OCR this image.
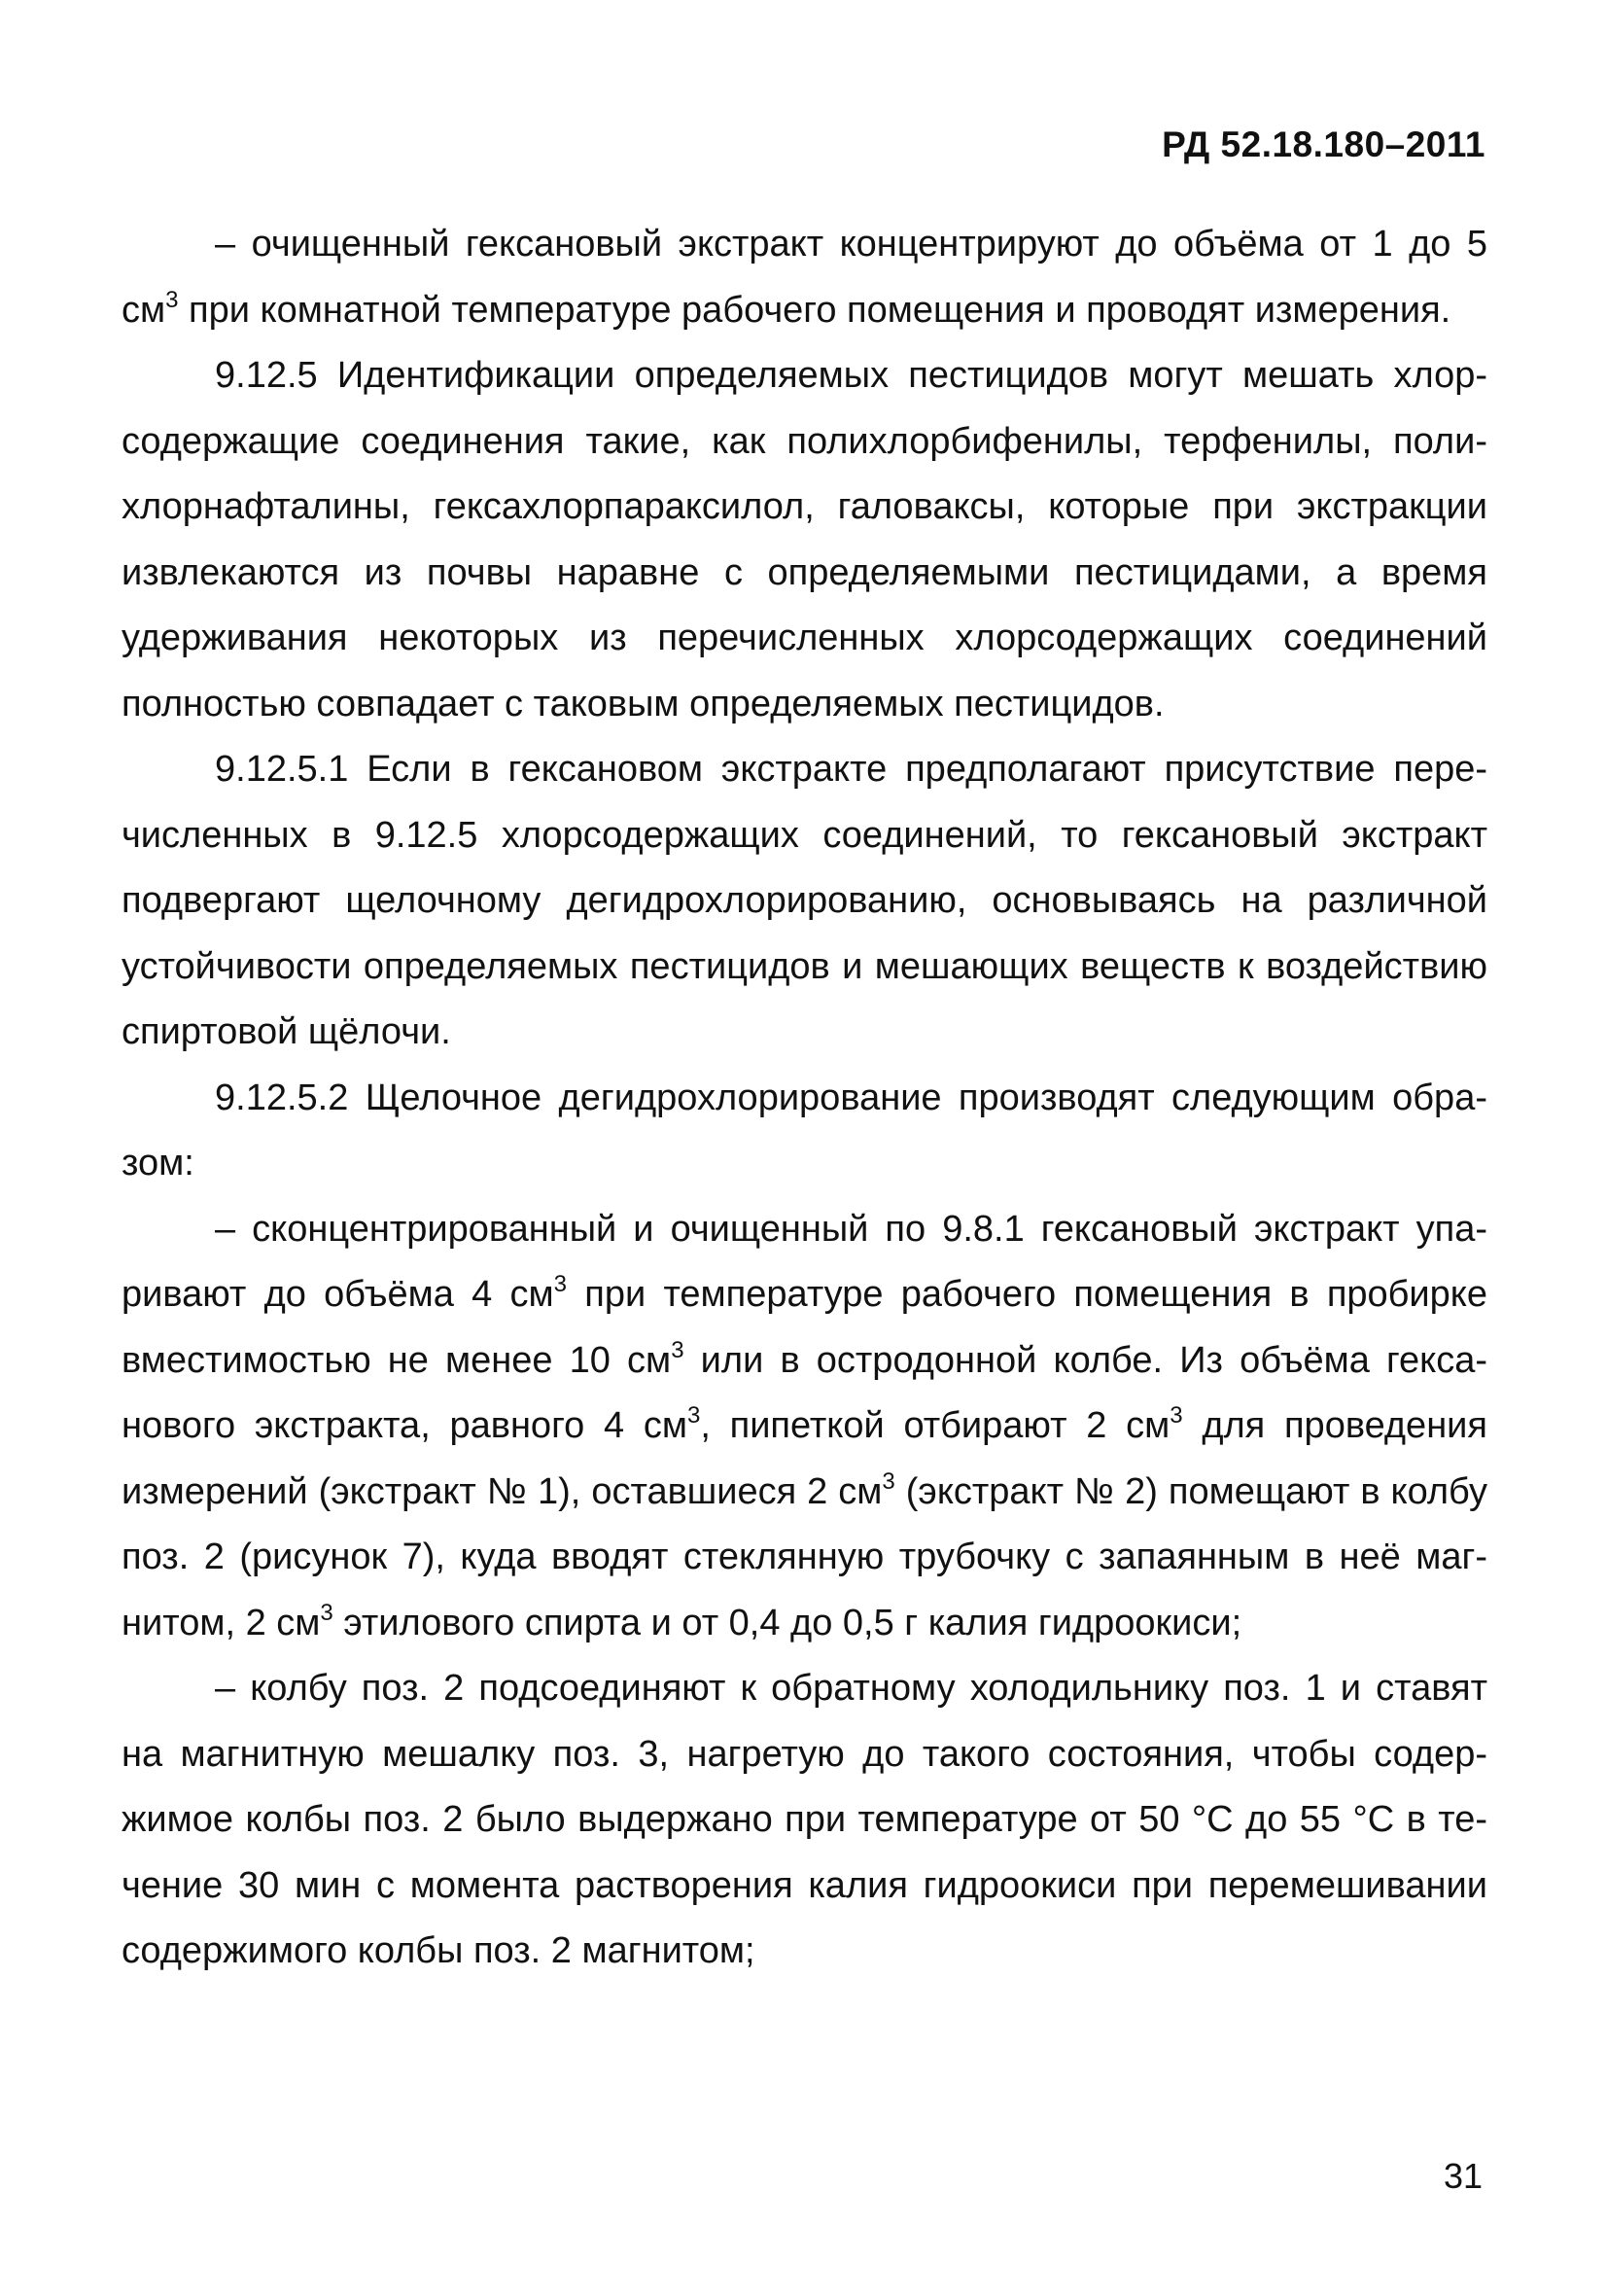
РД 52.18.180–2011

– очищенный гексановый экстракт концентрируют до объёма от 1 до 5 $см^3$ при комнатной температуре рабочего помещения и проводят измерения.

9.12.5 Идентификации определяемых пестицидов могут мешать хлорсодержащие соединения такие, как полихлорбифенилы, терфенилы, полихлорнафталины, гексахлорпараксилол, галоваксы, которые при экстракции извлекаются из почвы наравне с определяемыми пестицидами, а время удерживания некоторых из перечисленных хлорсодержащих соединений полностью совпадает с таковым определяемых пестицидов.

9.12.5.1 Если в гексановом экстракте предполагают присутствие перечисленных в 9.12.5 хлорсодержащих соединений, то гексановый экстракт подвергают щелочному дегидрохлорированию, основываясь на различной устойчивости определяемых пестицидов и мешающих веществ к воздействию спиртовой щёлочи.

9.12.5.2 Щелочное дегидрохлорирование производят следующим образом:

– сконцентрированный и очищенный по 9.8.1 гексановый экстракт упаривают до объёма 4 $см^3$ при температуре рабочего помещения в пробирке вместимостью не менее 10 $см^3$ или в остродонной колбе. Из объёма гексанового экстракта, равного 4 $см^3$, пипеткой отбирают 2 $см^3$ для проведения измерений (экстракт № 1), оставшиеся 2 $см^3$ (экстракт № 2) помещают в колбу поз. 2 (рисунок 7), куда вводят стеклянную трубочку с запаянным в неё магнитом, 2 $см^3$ этилового спирта и от 0,4 до 0,5 г калия гидроокиси;

– колбу поз. 2 подсоединяют к обратному холодильнику поз. 1 и ставят на магнитную мешалку поз. 3, нагретую до такого состояния, чтобы содержимое колбы поз. 2 было выдержано при температуре от 50 °С до 55 °С в течение 30 мин с момента растворения калия гидроокиси при перемешивании содержимого колбы поз. 2 магнитом;

31
